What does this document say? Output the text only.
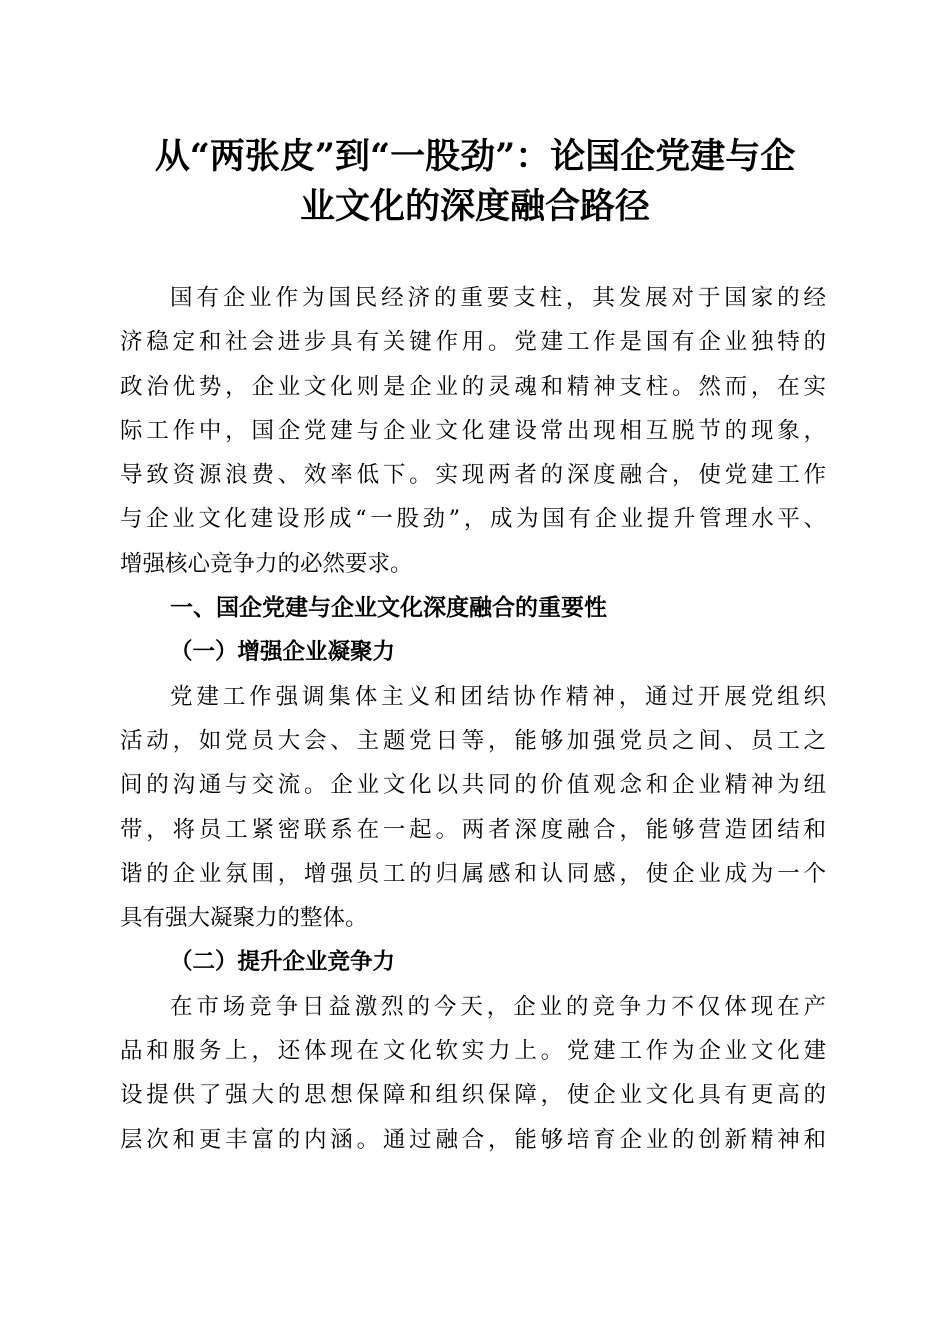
从“两张皮”到“一股劲”：论国企党建与企
业文化的深度融合路径
国有企业作为国民经济的重要支柱，其发展对于国家的经
济稳定和社会进步具有关键作用。党建工作是国有企业独特的
政治优势，企业文化则是企业的灵魂和精神支柱。然而，在实
际工作中，国企党建与企业文化建设常出现相互脱节的现象，
导致资源浪费、效率低下。实现两者的深度融合，使党建工作
与企业文化建设形成“一股劲”，成为国有企业提升管理水平、
增强核心竞争力的必然要求。
一、国企党建与企业文化深度融合的重要性
（一）增强企业凝聚力
党建工作强调集体主义和团结协作精神，通过开展党组织
活动，如党员大会、主题党日等，能够加强党员之间、员工之
间的沟通与交流。企业文化以共同的价值观念和企业精神为纽
带，将员工紧密联系在一起。两者深度融合，能够营造团结和
谐的企业氛围，增强员工的归属感和认同感，使企业成为一个
具有强大凝聚力的整体。
（二）提升企业竞争力
在市场竞争日益激烈的今天，企业的竞争力不仅体现在产
品和服务上，还体现在文化软实力上。党建工作为企业文化建
设提供了强大的思想保障和组织保障，使企业文化具有更高的
层次和更丰富的内涵。通过融合，能够培育企业的创新精神和
